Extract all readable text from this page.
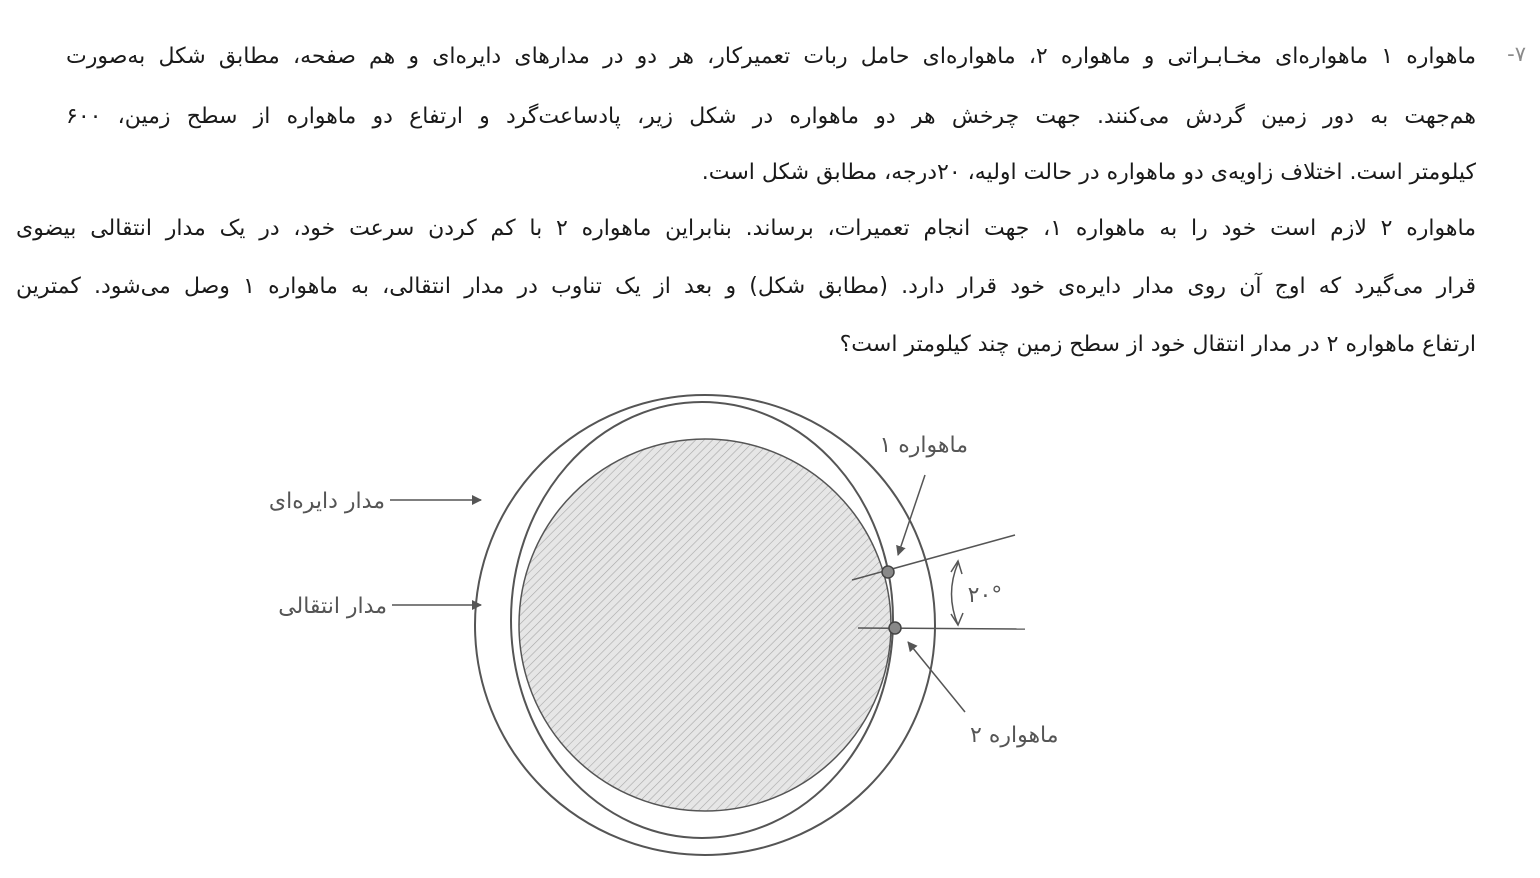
۷-
ماهواره ۱ ماهواره‌ای مخـابـراتی و ماهواره ۲، ماهواره‌ای حامل ربات تعمیرکار، هر دو در مدارهای دایره‌ای و هم صفحه، مطابق شکل به‌صورت
هم‌جهت به دور زمین گردش می‌کنند. جهت چرخش هر دو ماهواره در شکل زیر، پادساعت‌گرد و ارتفاع دو ماهواره از سطح زمین، ۶۰۰
کیلومتر است. اختلاف زاویه‌ی دو ماهواره در حالت اولیه، ۲۰درجه، مطابق شکل است.
ماهواره ۲ لازم است خود را به ماهواره ۱، جهت انجام تعمیرات، برساند. بنابراین ماهواره ۲ با کم کردن سرعت خود، در یک مدار انتقالی بیضوی
قرار می‌گیرد که اوج آن روی مدار دایره‌ی خود قرار دارد. (مطابق شکل) و بعد از یک تناوب در مدار انتقالی، به ماهواره ۱ وصل می‌شود. کمترین
ارتفاع ماهواره ۲ در مدار انتقال خود از سطح زمین چند کیلومتر است؟
۲۰°
مدار دایره‌ای
مدار انتقالی
ماهواره ۱
ماهواره ۲
